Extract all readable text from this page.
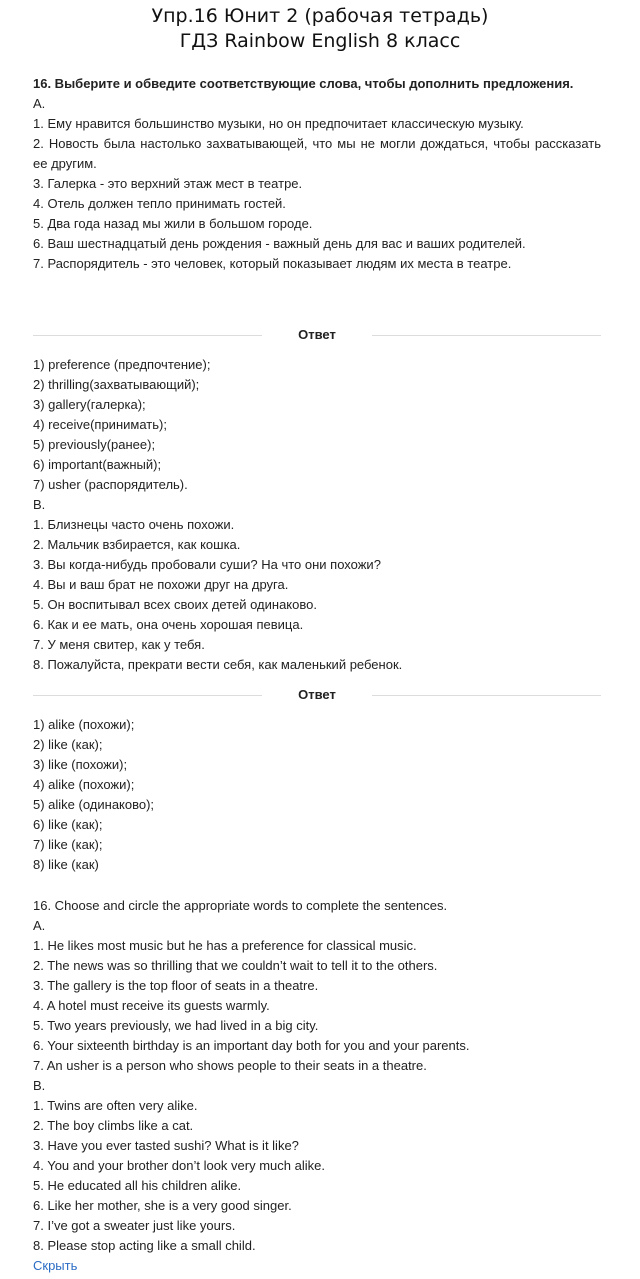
Упр.16 Юнит 2 (рабочая тетрадь)
ГДЗ Rainbow English 8 класс
16. Выберите и обведите соответствующие слова, чтобы дополнить предложения.
А.
1. Ему нравится большинство музыки, но он предпочитает классическую музыку.
2. Новость была настолько захватывающей, что мы не могли дождаться, чтобы рассказать ее другим.
3. Галерка - это верхний этаж мест в театре.
4. Отель должен тепло принимать гостей.
5. Два года назад мы жили в большом городе.
6. Ваш шестнадцатый день рождения - важный день для вас и ваших родителей.
7. Распорядитель - это человек, который показывает людям их места в театре.
Ответ
1) preference (предпочтение);
2) thrilling(захватывающий);
3) gallery(галерка);
4) receive(принимать);
5) previously(ранее);
6) important(важный);
7) usher (распорядитель).
В.
1. Близнецы часто очень похожи.
2. Мальчик взбирается, как кошка.
3. Вы когда-нибудь пробовали суши? На что они похожи?
4. Вы и ваш брат не похожи друг на друга.
5. Он воспитывал всех своих детей одинаково.
6. Как и ее мать, она очень хорошая певица.
7. У меня свитер, как у тебя.
8. Пожалуйста, прекрати вести себя, как маленький ребенок.
Ответ
1) alike (похожи);
2) like (как);
3) like (похожи);
4) alike (похожи);
5) alike (одинаково);
6) like (как);
7) like (как);
8) like (как)
16. Choose and circle the appropriate words to complete the sentences.
A.
1. He likes most music but he has a preference for classical music.
2. The news was so thrilling that we couldn’t wait to tell it to the others.
3. The gallery is the top floor of seats in a theatre.
4. A hotel must receive its guests warmly.
5. Two years previously, we had lived in a big city.
6. Your sixteenth birthday is an important day both for you and your parents.
7. An usher is a person who shows people to their seats in a theatre.
B.
1. Twins are often very alike.
2. The boy climbs like a cat.
3. Have you ever tasted sushi? What is it like?
4. You and your brother don’t look very much alike.
5. He educated all his children alike.
6. Like her mother, she is a very good singer.
7. I’ve got a sweater just like yours.
8. Please stop acting like a small child.
Скрыть
